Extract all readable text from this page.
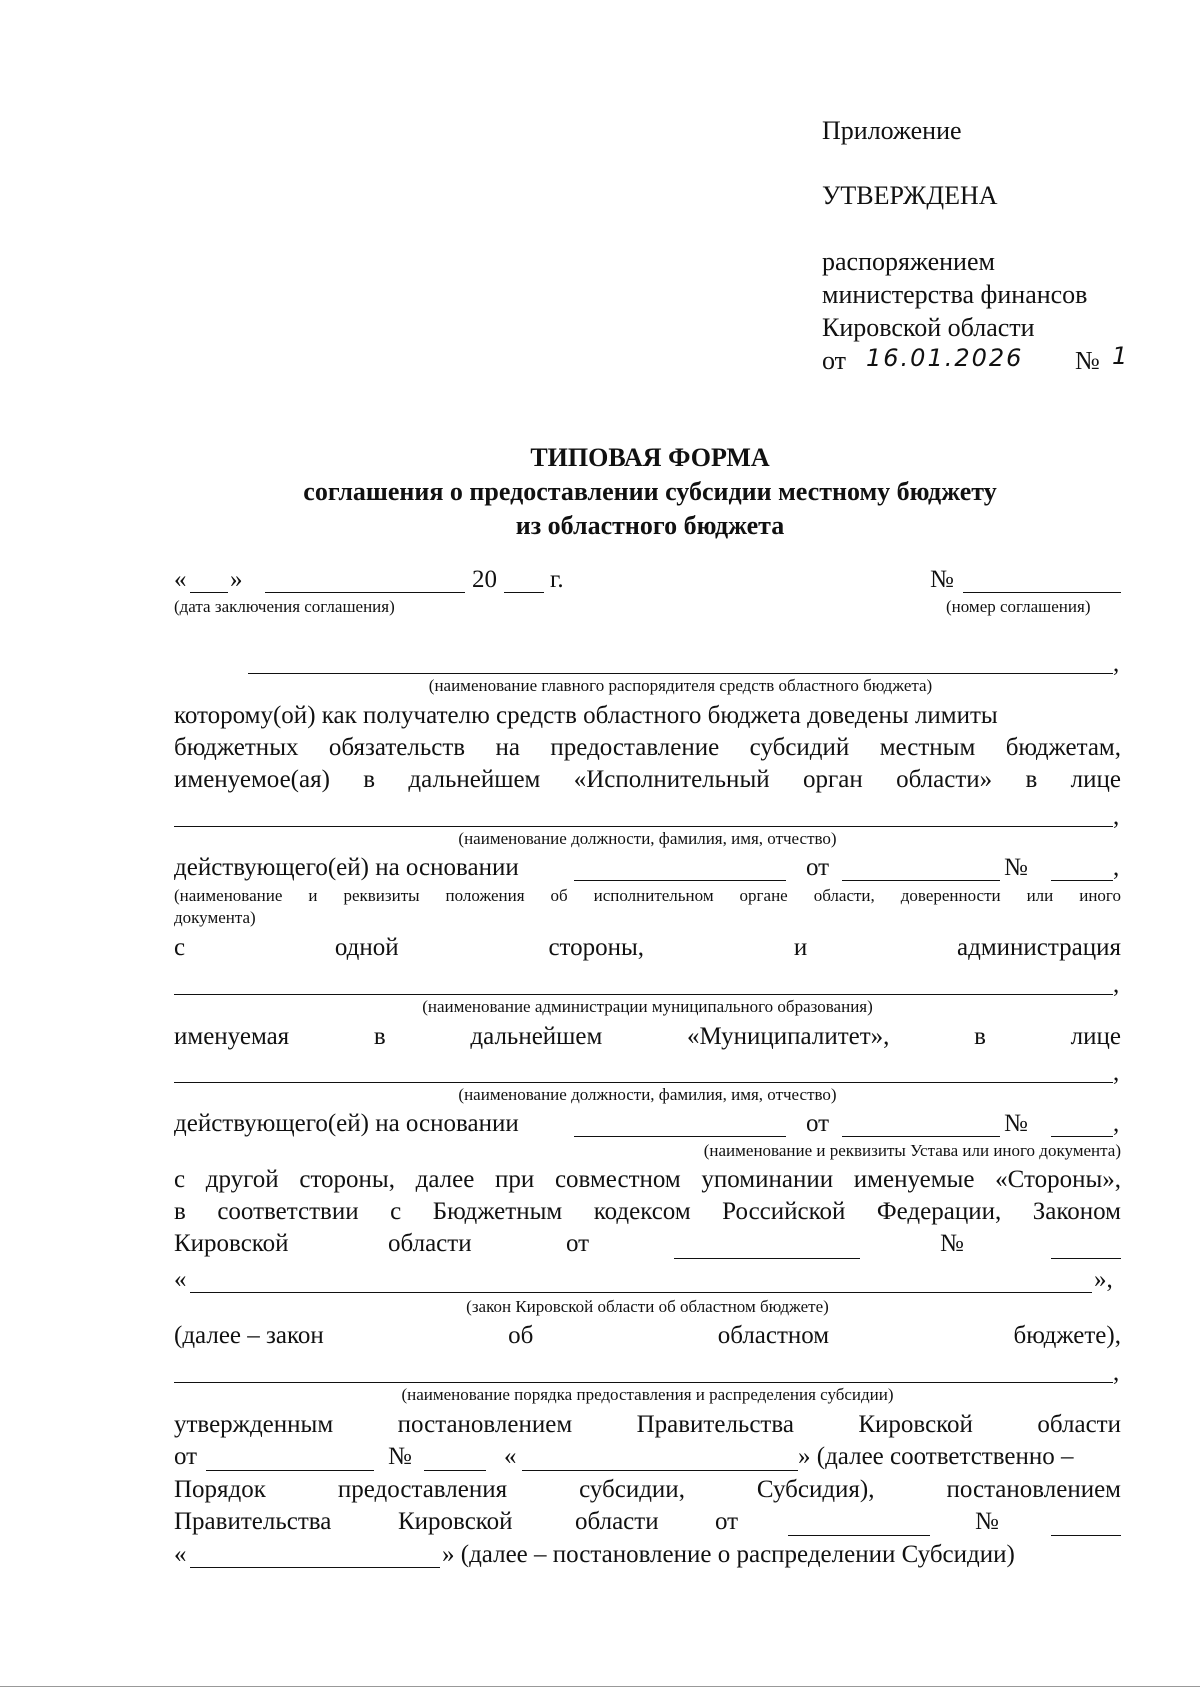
Приложение
УТВЕРЖДЕНА
распоряжением
министерства финансов
Кировской области
от 16.01.2026 № 1
ТИПОВАЯ ФОРМА
соглашения о предоставлении субсидии местному бюджету
из областного бюджета
« »	20 г.	№
(дата заключения соглашения)	(номер соглашения)
,
(наименование главного распорядителя средств областного бюджета)
которому(ой) как получателю средств областного бюджета доведены лимиты
бюджетных обязательств на предоставление субсидий местным бюджетам,
именуемое(ая) в дальнейшем «Исполнительный орган области» в лице
,
(наименование должности, фамилия, имя, отчество)
действующего(ей) на основании	от	№	,
(наименование и реквизиты положения об исполнительном органе области, доверенности или иного
документа)
с	одной	стороны,	и	администрация
,
(наименование администрации муниципального образования)
именуемая	в	дальнейшем	«Муниципалитет»,	в	лице
,
(наименование должности, фамилия, имя, отчество)
действующего(ей) на основании	от	№	,
(наименование и реквизиты Устава или иного документа)
с другой стороны, далее при совместном упоминании именуемые «Стороны»,
в соответствии с Бюджетным кодексом Российской Федерации, Законом
Кировской	области	от	№
«	»,
(закон Кировской области об областном бюджете)
(далее – закон	об	областном	бюджете),
,
(наименование порядка предоставления и распределения субсидии)
утвержденным	постановлением	Правительства	Кировской	области
от	№	«	» (далее соответственно –
Порядок	предоставления	субсидии,	Субсидия),	постановлением
Правительства	Кировской области от	№
«	» (далее – постановление о распределении Субсидии)
